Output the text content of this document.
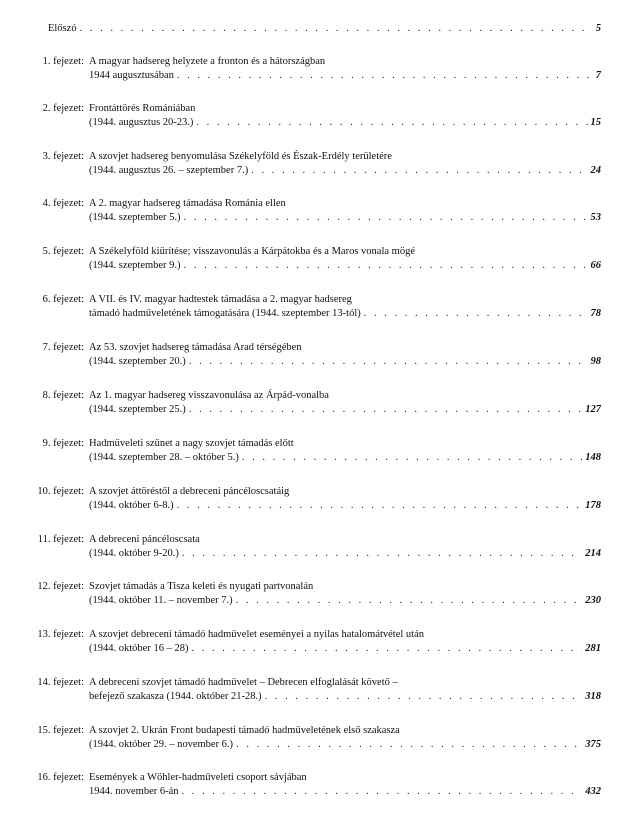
Előszó . . .	5
1. fejezet: A magyar hadsereg helyzete a fronton és a hátországban
1944 augusztusában . . .	7
2. fejezet: Frontáttörés Romániában
(1944. augusztus 20-23.) . . .	15
3. fejezet: A szovjet hadsereg benyomulása Székelyföld és Észak-Erdély területére
(1944. augusztus 26. – szeptember 7.) . . .	24
4. fejezet: A 2. magyar hadsereg támadása Románia ellen
(1944. szeptember 5.) . . .	53
5. fejezet: A Székelyföld kiürítése; visszavonulás a Kárpátokba és a Maros vonala mögé
(1944. szeptember 9.) . . .	66
6. fejezet: A VII. és IV. magyar hadtestek támadása a 2. magyar hadsereg
támadó hadműveletének támogatására (1944. szeptember 13-tól) . . .	78
7. fejezet: Az 53. szovjet hadsereg támadása Arad térségében
(1944. szeptember 20.) . . .	98
8. fejezet: Az 1. magyar hadsereg visszavonulása az Árpád-vonalba
(1944. szeptember 25.) . . .	127
9. fejezet: Hadműveleti szünet a nagy szovjet támadás előtt
(1944. szeptember 28. – október 5.) . . .	148
10. fejezet: A szovjet áttöréstől a debreceni páncéloscsatáig
(1944. október 6-8.) . . .	178
11. fejezet: A debreceni páncéloscsata
(1944. október 9-20.) . . .	214
12. fejezet: Szovjet támadás a Tisza keleti és nyugati partvonalán
(1944. október 11. – november 7.) . . .	230
13. fejezet: A szovjet debreceni támadó hadművelet eseményei a nyilas hatalomátvétel után
(1944. október 16 – 28) . . .	281
14. fejezet: A debreceni szovjet támadó hadművelet – Debrecen elfoglalását követő –
befejező szakasza (1944. október 21-28.) . . .	318
15. fejezet: A szovjet 2. Ukrán Front budapesti támadó hadműveletének első szakasza
(1944. október 29. – november 6.) . . .	375
16. fejezet: Események a Wöhler-hadműveleti csoport sávjában
1944. november 6-án . . .	432
